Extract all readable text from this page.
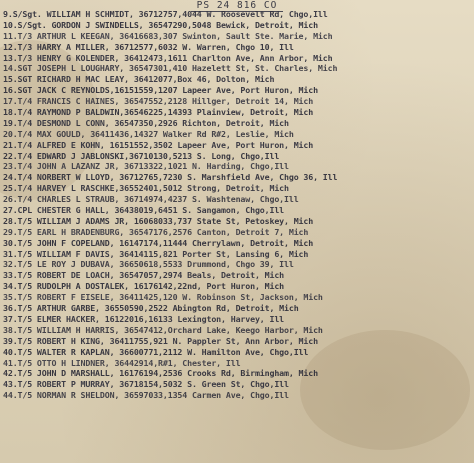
PS 24 816 CO
9.S/Sgt. WILLIAM H SCHMIDT, 36712757,4044 W. Roosevelt Rd, Chgo,Ill
10.S/Sgt. GORDON J SWINDELLS, 36547290,5048 Bewick, Detroit, Mich
11.T/3 ARTHUR L KEEGAN, 36416683,307 Swinton, Sault Ste. Marie, Mich
12.T/3 HARRY A MILLER, 36712577,6032 W. Warren, Chgo 10, Ill
13.T/3 HENRY G KOLENDER, 36412473,1611 Charlton Ave, Ann Arbor, Mich
14.SGT JOSEPH L LOUGHARY, 36547301,410 Hazelett St, St. Charles, Mich
15.SGT RICHARD H MAC LEAY, 36412077,Box 46, Dolton, Mich
16.SGT JACK C REYNOLDS,16151559,1207 Lapeer Ave, Port Huron, Mich
17.T/4 FRANCIS C HAINES, 36547552,2128 Hillger, Detroit 14, Mich
18.T/4 RAYMOND P BALDWIN,36546225,14393 Plainview, Detroit, Mich
19.T/4 DESMOND L CONN, 36547350,2926 Richton, Detroit, Mich
20.T/4 MAX GOULD, 36411436,14327 Walker Rd R#2, Leslie, Mich
21.T/4 ALFRED E KOHN, 16151552,3502 Lapeer Ave, Port Huron, Mich
22.T/4 EDWARD J JABLONSKI,36710130,5213 S. Long, Chgo,Ill
23.T/4 JOHN A LAZANZ JR, 36713322,1021 N. Harding, Chgo,Ill
24.T/4 NORBERT W LLOYD, 36712765,7230 S. Marshfield Ave, Chgo 36, Ill
25.T/4 HARVEY L RASCHKE,36552401,5012 Strong, Detroit, Mich
26.T/4 CHARLES L STRAUB, 36714974,4237 S. Washtenaw, Chgo,Ill
27.CPL CHESTER G HALL, 36438019,6451 S. Sangamon, Chgo,Ill
28.T/5 WILLIAM J ADAMS JR, 16068033,737 State St, Petoskey, Mich
29.T/5 EARL H BRADENBURG, 36547176,2576 Canton, Detroit 7, Mich
30.T/5 JOHN F COPELAND, 16147174,11444 Cherrylawn, Detroit, Mich
31.T/5 WILLIAM F DAVIS, 36414115,821 Porter St, Lansing 6, Mich
32.T/5 LE ROY J DUBAVA, 36650618,5533 Drummond, Chgo 39, Ill
33.T/5 ROBERT DE LOACH, 36547057,2974 Beals, Detroit, Mich
34.T/5 RUDOLPH A DOSTALEK, 16176142,22nd, Port Huron, Mich
35.T/5 ROBERT F EISELE, 36411425,120 W. Robinson St, Jackson, Mich
36.T/5 ARTHUR GARBE, 36550590,2522 Abington Rd, Detroit, Mich
37.T/5 ELMER HACKER, 16122016,16133 Lexington, Harvey, Ill
38.T/5 WILLIAM H HARRIS, 36547412,Orchard Lake, Keego Harbor, Mich
39.T/5 ROBERT H KING, 36411755,921 N. Pappler St, Ann Arbor, Mich
40.T/5 WALTER R KAPLAN, 36600771,2112 W. Hamilton Ave, Chgo,Ill
41.T/5 OTTO H LINDNER, 36442914,R#1, Chester, Ill
42.T/5 JOHN D MARSHALL, 16176194,2536 Crooks Rd, Birmingham, Mich
43.T/5 ROBERT P MURRAY, 36718154,5032 S. Green St, Chgo,Ill
44.T/5 NORMAN R SHELDON, 36597033,1354 Carmen Ave, Chgo,Ill
